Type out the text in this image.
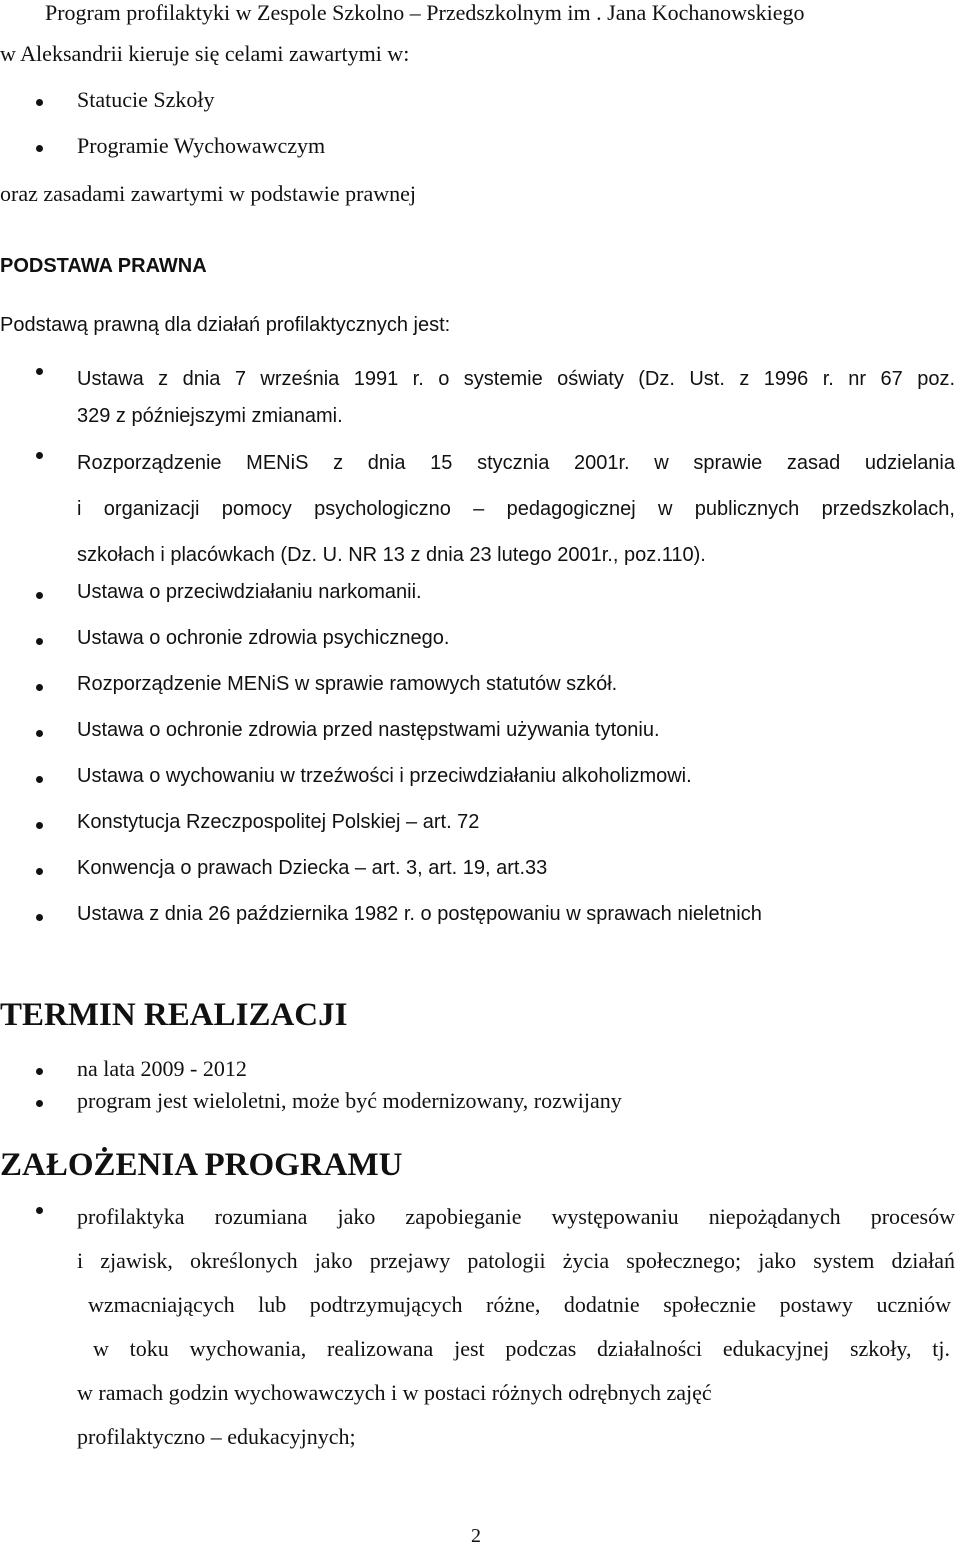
Program profilaktyki w Zespole Szkolno – Przedszkolnym im . Jana Kochanowskiego

w Aleksandrii kieruje się celami zawartymi w:

Statucie Szkoły
Programie Wychowawczym

oraz zasadami zawartymi w podstawie prawnej

PODSTAWA PRAWNA

Podstawą prawną dla działań profilaktycznych jest:

Ustawa z dnia 7 września 1991 r. o systemie oświaty (Dz. Ust. z 1996 r. nr 67 poz.
329 z późniejszymi zmianami.
Rozporządzenie MENiS z dnia 15 stycznia 2001r. w sprawie zasad udzielania
i organizacji pomocy psychologiczno – pedagogicznej w publicznych przedszkolach,
szkołach i placówkach (Dz. U. NR 13 z dnia 23 lutego 2001r., poz.110).
Ustawa o przeciwdziałaniu narkomanii.
Ustawa o ochronie zdrowia psychicznego.
Rozporządzenie MENiS w sprawie ramowych statutów szkół.
Ustawa o ochronie zdrowia przed następstwami używania tytoniu.
Ustawa o wychowaniu w trzeźwości i przeciwdziałaniu alkoholizmowi.
Konstytucja Rzeczpospolitej Polskiej – art. 72
Konwencja o prawach Dziecka – art. 3, art. 19, art.33
Ustawa z dnia 26 października 1982 r. o postępowaniu w sprawach nieletnich
TERMIN REALIZACJI
na lata 2009 - 2012
program jest wieloletni, może być modernizowany, rozwijany
ZAŁOŻENIA PROGRAMU
profilaktyka rozumiana jako zapobieganie występowaniu niepożądanych procesów
i zjawisk, określonych jako przejawy patologii życia społecznego; jako system działań
wzmacniających lub podtrzymujących różne, dodatnie społecznie postawy uczniów
w toku wychowania, realizowana jest podczas działalności edukacyjnej szkoły, tj.
w ramach godzin wychowawczych i w postaci różnych odrębnych zajęć
profilaktyczno – edukacyjnych;
2
